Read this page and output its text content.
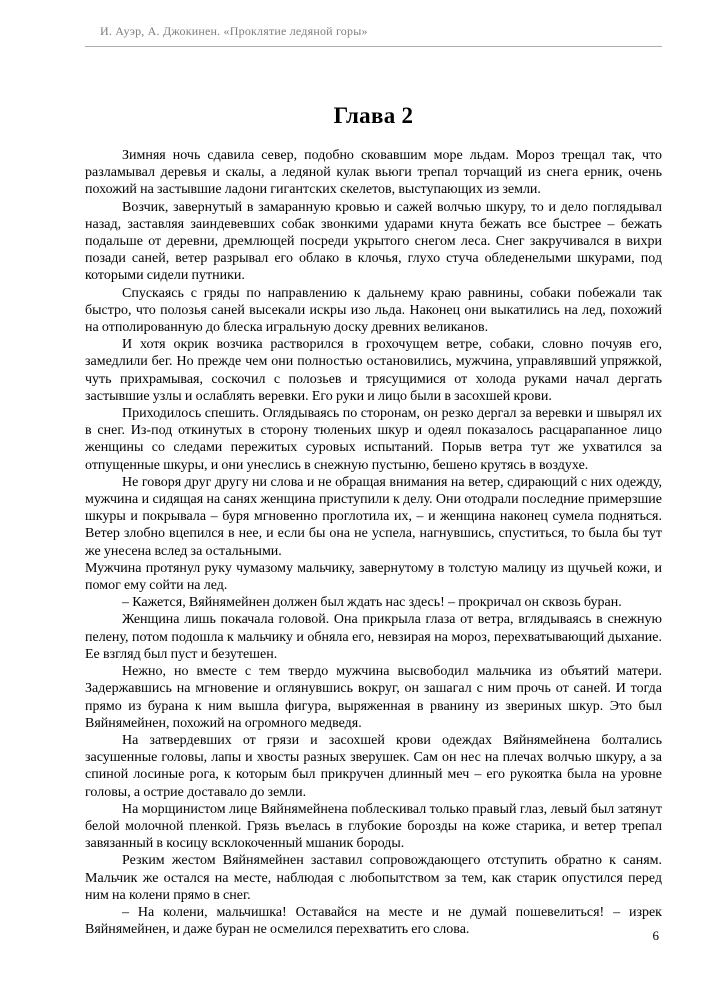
И. Ауэр, А. Джокинен. «Проклятие ледяной горы»
Глава 2

Зимняя ночь сдавила север, подобно сковавшим море льдам. Мороз трещал так, что разламывал деревья и скалы, а ледяной кулак вьюги трепал торчащий из снега ерник, очень похожий на застывшие ладони гигантских скелетов, выступающих из земли.

Возчик, завернутый в замаранную кровью и сажей волчью шкуру, то и дело поглядывал назад, заставляя заиндевевших собак звонкими ударами кнута бежать все быстрее – бежать подальше от деревни, дремлющей посреди укрытого снегом леса. Снег закручивался в вихри позади саней, ветер разрывал его облако в клочья, глухо стуча обледенелыми шкурами, под которыми сидели путники.

Спускаясь с гряды по направлению к дальнему краю равнины, собаки побежали так быстро, что полозья саней высекали искры изо льда. Наконец они выкатились на лед, похожий на отполированную до блеска игральную доску древних великанов.

И хотя окрик возчика растворился в грохочущем ветре, собаки, словно почуяв его, замедлили бег. Но прежде чем они полностью остановились, мужчина, управлявший упряжкой, чуть прихрамывая, соскочил с полозьев и трясущимися от холода руками начал дергать застывшие узлы и ослаблять веревки. Его руки и лицо были в засохшей крови.

Приходилось спешить. Оглядываясь по сторонам, он резко дергал за веревки и швырял их в снег. Из-под откинутых в сторону тюленьих шкур и одеял показалось расцарапанное лицо женщины со следами пережитых суровых испытаний. Порыв ветра тут же ухватился за отпущенные шкуры, и они унеслись в снежную пустыню, бешено крутясь в воздухе.

Не говоря друг другу ни слова и не обращая внимания на ветер, сдирающий с них одежду, мужчина и сидящая на санях женщина приступили к делу. Они отодрали последние примерзшие шкуры и покрывала – буря мгновенно проглотила их, – и женщина наконец сумела подняться. Ветер злобно вцепился в нее, и если бы она не успела, нагнувшись, спуститься, то была бы тут же унесена вслед за остальными.

Мужчина протянул руку чумазому мальчику, завернутому в толстую малицу из щучьей кожи, и помог ему сойти на лед.

– Кажется, Вяйнямейнен должен был ждать нас здесь! – прокричал он сквозь буран.

Женщина лишь покачала головой. Она прикрыла глаза от ветра, вглядываясь в снежную пелену, потом подошла к мальчику и обняла его, невзирая на мороз, перехватывающий дыхание. Ее взгляд был пуст и безутешен.

Нежно, но вместе с тем твердо мужчина высвободил мальчика из объятий матери. Задержавшись на мгновение и оглянувшись вокруг, он зашагал с ним прочь от саней. И тогда прямо из бурана к ним вышла фигура, выряженная в рванину из звериных шкур. Это был Вяйнямейнен, похожий на огромного медведя.

На затвердевших от грязи и засохшей крови одеждах Вяйнямейнена болтались засушенные головы, лапы и хвосты разных зверушек. Сам он нес на плечах волчью шкуру, а за спиной лосиные рога, к которым был прикручен длинный меч – его рукоятка была на уровне головы, а острие доставало до земли.

На морщинистом лице Вяйнямейнена поблескивал только правый глаз, левый был затянут белой молочной пленкой. Грязь въелась в глубокие борозды на коже старика, и ветер трепал завязанный в косицу всклокоченный мшаник бороды.

Резким жестом Вяйнямейнен заставил сопровождающего отступить обратно к саням. Мальчик же остался на месте, наблюдая с любопытством за тем, как старик опустился перед ним на колени прямо в снег.

– На колени, мальчишка! Оставайся на месте и не думай пошевелиться! – изрек Вяйнямейнен, и даже буран не осмелился перехватить его слова.	6
